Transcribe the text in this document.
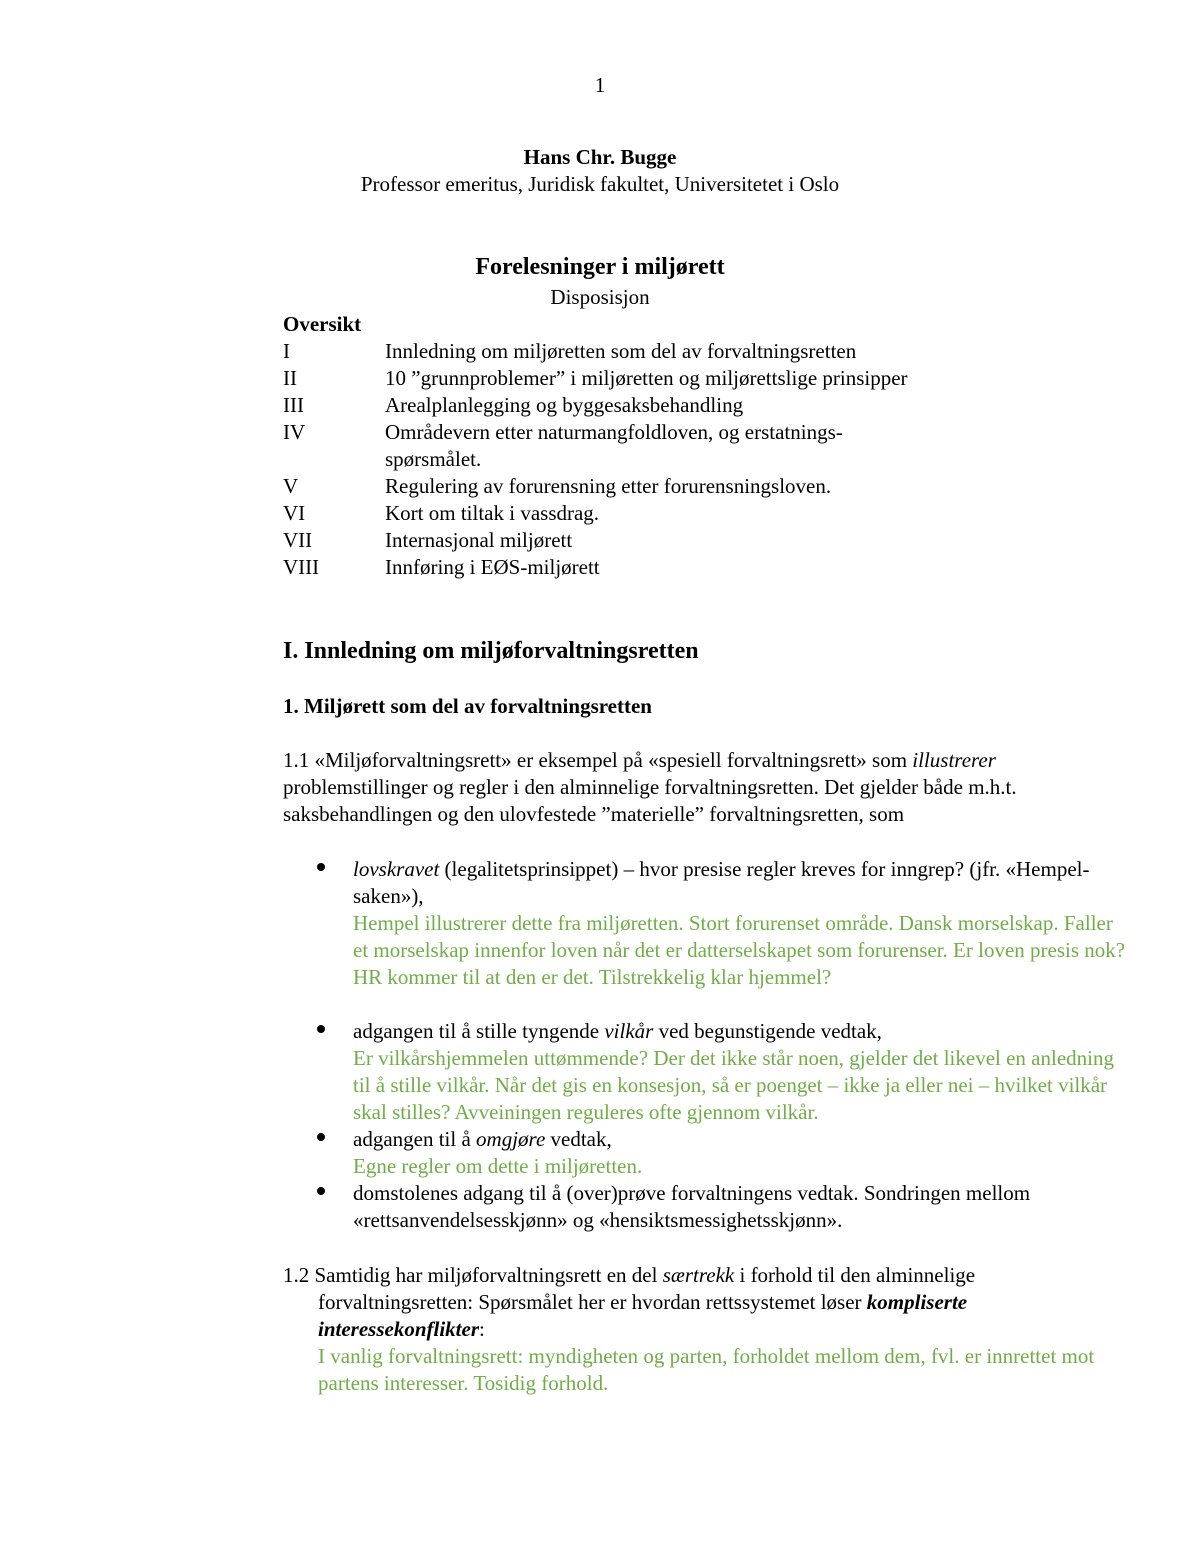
1
Hans Chr. Bugge
Professor emeritus, Juridisk fakultet, Universitetet i Oslo
Forelesninger i miljørett
Disposisjon
Oversikt
I	Innledning om miljøretten som del av forvaltningsretten
II	10 ”grunnproblemer” i miljøretten og miljørettslige prinsipper
III	Arealplanlegging og byggesaksbehandling
IV	Områdevern etter naturmangfoldloven, og erstatnings-
spørsmålet.
V	Regulering av forurensning etter forurensningsloven.
VI	Kort om tiltak i vassdrag.
VII	Internasjonal miljørett
VIII	Innføring i EØS-miljørett
I. Innledning om miljøforvaltningsretten
1. Miljørett som del av forvaltningsretten

1.1 «Miljøforvaltningsrett» er eksempel på «spesiell forvaltningsrett» som illustrerer problemstillinger og regler i den alminnelige forvaltningsretten. Det gjelder både m.h.t. saksbehandlingen og den ulovfestede ”materielle” forvaltningsretten, som

lovskravet (legalitetsprinsippet) – hvor presise regler kreves for inngrep? (jfr. «Hempel-saken»),

Hempel illustrerer dette fra miljøretten. Stort forurenset område. Dansk morselskap. Faller et morselskap innenfor loven når det er datterselskapet som forurenser. Er loven presis nok? HR kommer til at den er det. Tilstrekkelig klar hjemmel?

adgangen til å stille tyngende vilkår ved begunstigende vedtak,

Er vilkårshjemmelen uttømmende? Der det ikke står noen, gjelder det likevel en anledning til å stille vilkår. Når det gis en konsesjon, så er poenget – ikke ja eller nei – hvilket vilkår skal stilles? Avveiningen reguleres ofte gjennom vilkår.

adgangen til å omgjøre vedtak,

Egne regler om dette i miljøretten.

domstolenes adgang til å (over)prøve forvaltningens vedtak. Sondringen mellom «rettsanvendelsesskjønn» og «hensiktsmessighetsskjønn».

1.2 Samtidig har miljøforvaltningsrett en del særtrekk i forhold til den alminnelige forvaltningsretten: Spørsmålet her er hvordan rettssystemet løser kompliserte interessekonflikter:

I vanlig forvaltningsrett: myndigheten og parten, forholdet mellom dem, fvl. er innrettet mot partens interesser. Tosidig forhold.
